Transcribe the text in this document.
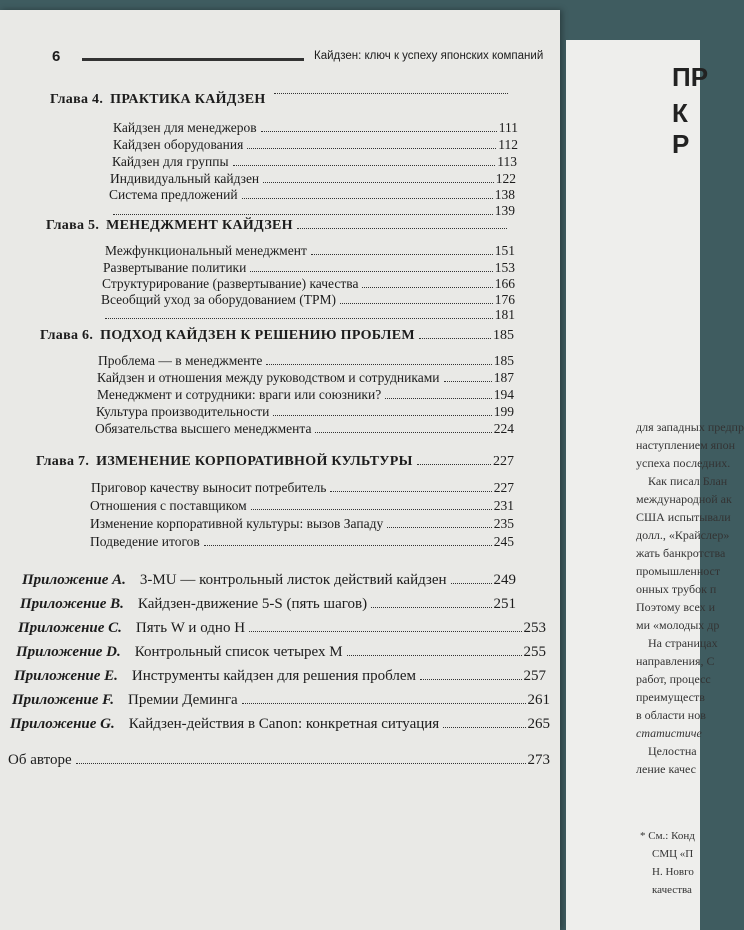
6	Кайдзен: ключ к успеху японских компаний
Глава 4. ПРАКТИКА КАЙДЗЕН
Кайдзен для менеджеров	111
Кайдзен оборудования	112
Кайдзен для группы	113
Индивидуальный кайдзен	122
Система предложений	138
139
Глава 5. МЕНЕДЖМЕНТ КАЙДЗЕН
Межфункциональный менеджмент	151
Развертывание политики	153
Структурирование (развертывание) качества	166
Всеобщий уход за оборудованием (ТРМ)	176
181
Глава 6. ПОДХОД КАЙДЗЕН К РЕШЕНИЮ ПРОБЛЕМ	185
Проблема — в менеджменте	185
Кайдзен и отношения между руководством и сотрудниками	187
Менеджмент и сотрудники: враги или союзники?	194
Культура производительности	199
Обязательства высшего менеджмента	224
Глава 7. ИЗМЕНЕНИЕ КОРПОРАТИВНОЙ КУЛЬТУРЫ	227
Приговор качеству выносит потребитель	227
Отношения с поставщиком	231
Изменение корпоративной культуры: вызов Западу	235
Подведение итогов	245
Приложение A. 3-MU — контрольный листок действий кайдзен	249
Приложение B. Кайдзен-движение 5-S (пять шагов)	251
Приложение C. Пять W и одно H	253
Приложение D. Контрольный список четырех M	255
Приложение E. Инструменты кайдзен для решения проблем	257
Приложение F. Премии Деминга	261
Приложение G. Кайдзен-действия в Canon: конкретная ситуация	265
Об авторе	273
ПР
К Р
для западных предпр
наступлением япон
успеха последних.
Как писал Блан
международной ак
США испытывали
долл., «Крайслер»
жать банкротства
промышленност
онных трубок п
Поэтому всех и
ми «молодых др
На страницах
направления, С
работ, процесс
преимуществ
в области нов
статистиче
Целостна
ление качес
* См.: Конд
СМЦ «П
Н. Новго
качества
